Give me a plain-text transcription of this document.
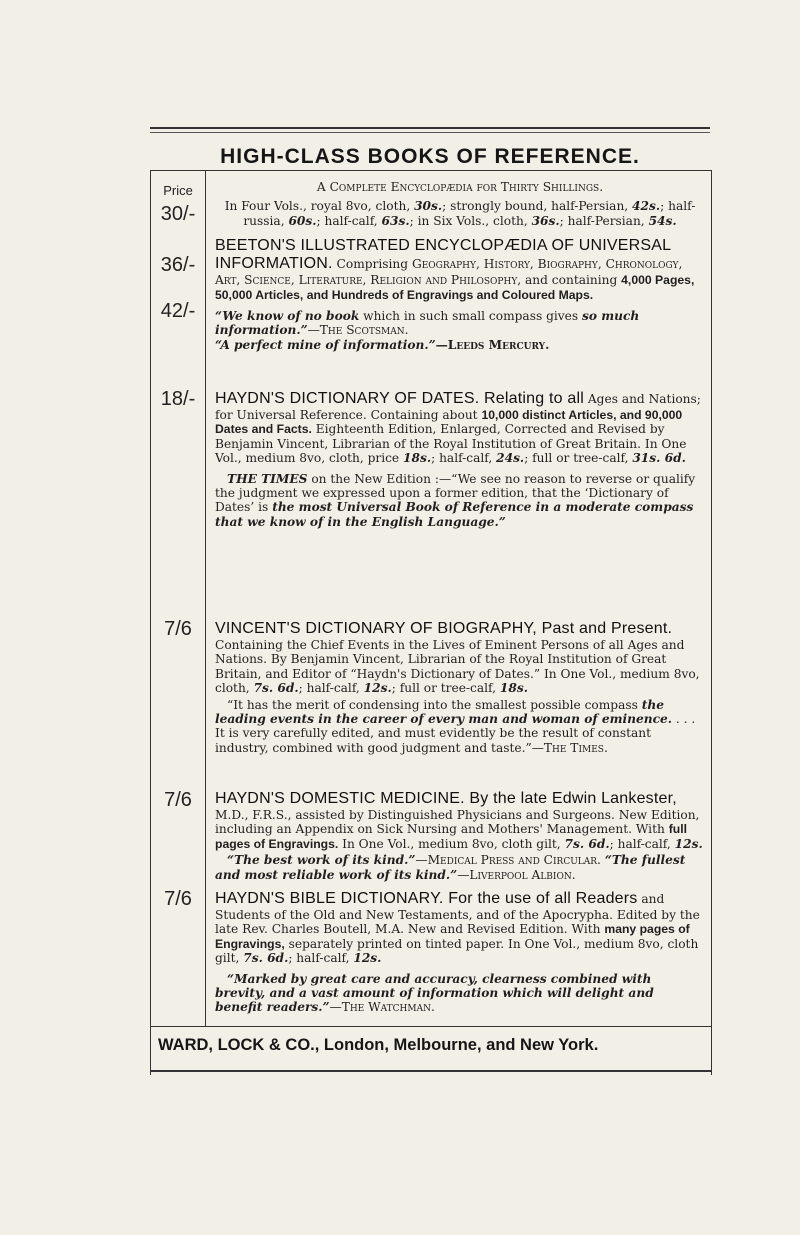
HIGH-CLASS BOOKS OF REFERENCE.
Price
30/-
36/-
42/-
18/-
7/6
7/6
7/6

A Complete Encyclopædia for Thirty Shillings.

In Four Vols., royal 8vo, cloth, 30s.; strongly bound, half-Persian, 42s.; half-russia, 60s.; half-calf, 63s.; in Six Vols., cloth, 36s.; half-Persian, 54s.

BEETON'S ILLUSTRATED ENCYCLOPÆDIA OF UNIVERSAL INFORMATION. Comprising Geography, History, Biography, Chronology, Art, Science, Literature, Religion and Philosophy, and containing 4,000 Pages, 50,000 Articles, and Hundreds of Engravings and Coloured Maps.

“We know of no book which in such small compass gives so much information.”—The Scotsman.

“A perfect mine of information.”—Leeds Mercury.

HAYDN'S DICTIONARY OF DATES. Relating to all Ages and Nations; for Universal Reference. Containing about 10,000 distinct Articles, and 90,000 Dates and Facts. Eighteenth Edition, Enlarged, Corrected and Revised by Benjamin Vincent, Librarian of the Royal Institution of Great Britain. In One Vol., medium 8vo, cloth, price 18s.; half-calf, 24s.; full or tree-calf, 31s. 6d.

THE TIMES on the New Edition :—“We see no reason to reverse or qualify the judgment we expressed upon a former edition, that the ‘Dictionary of Dates’ is the most Universal Book of Reference in a moderate compass that we know of in the English Language.”

VINCENT'S DICTIONARY OF BIOGRAPHY, Past and Present. Containing the Chief Events in the Lives of Eminent Persons of all Ages and Nations. By Benjamin Vincent, Librarian of the Royal Institution of Great Britain, and Editor of “Haydn's Dictionary of Dates.” In One Vol., medium 8vo, cloth, 7s. 6d.; half-calf, 12s.; full or tree-calf, 18s.

“It has the merit of condensing into the smallest possible compass the leading events in the career of every man and woman of eminence. . . . It is very carefully edited, and must evidently be the result of constant industry, combined with good judgment and taste.”—The Times.

HAYDN'S DOMESTIC MEDICINE. By the late Edwin Lankester, M.D., F.R.S., assisted by Distinguished Physicians and Surgeons. New Edition, including an Appendix on Sick Nursing and Mothers' Management. With full pages of Engravings. In One Vol., medium 8vo, cloth gilt, 7s. 6d.; half-calf, 12s.

“The best work of its kind.”—Medical Press and Circular. “The fullest and most reliable work of its kind.”—Liverpool Albion.

HAYDN'S BIBLE DICTIONARY. For the use of all Readers and Students of the Old and New Testaments, and of the Apocrypha. Edited by the late Rev. Charles Boutell, M.A. New and Revised Edition. With many pages of Engravings, separately printed on tinted paper. In One Vol., medium 8vo, cloth gilt, 7s. 6d.; half-calf, 12s.

“Marked by great care and accuracy, clearness combined with brevity, and a vast amount of information which will delight and benefit readers.”—The Watchman.

WARD, LOCK & CO., London, Melbourne, and New York.
